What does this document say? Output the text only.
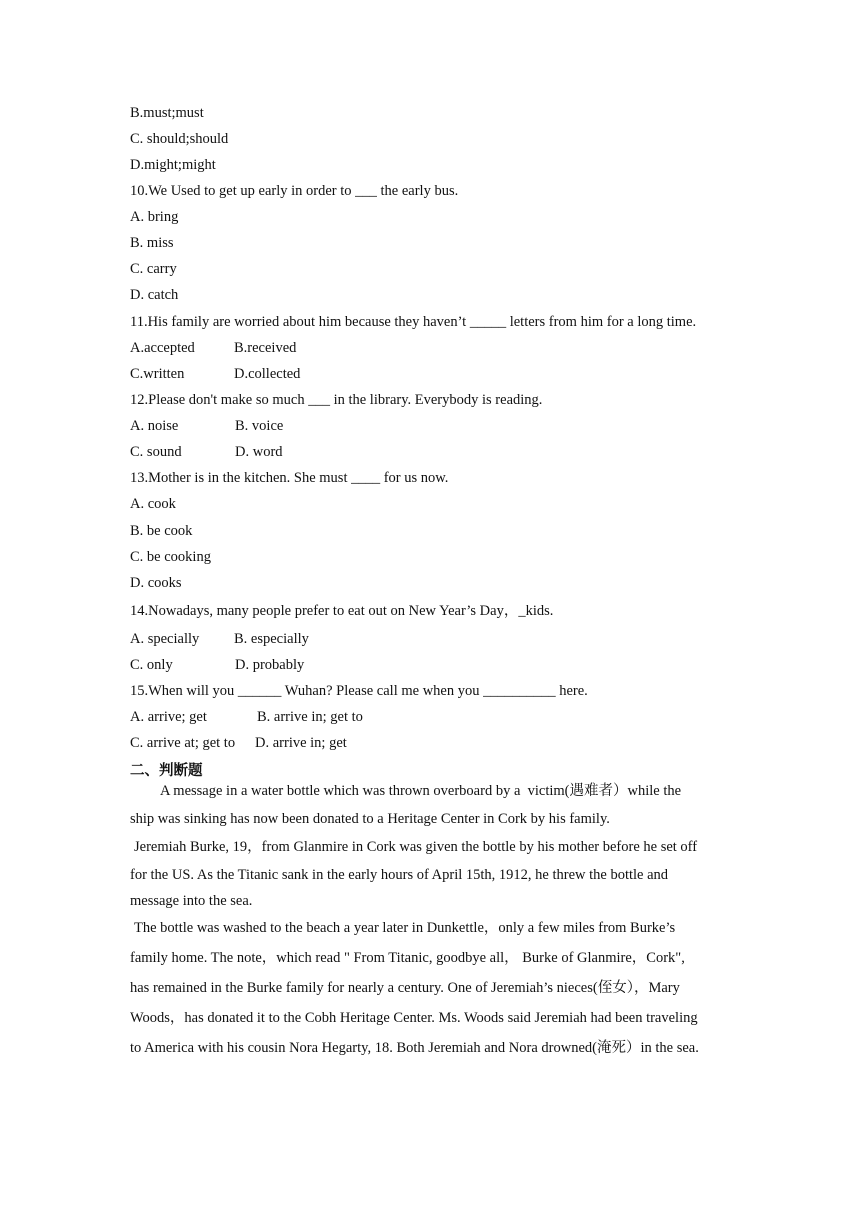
B.must;must
C. should;should
D.might;might
10.We Used to get up early in order to ___ the early bus.
A. bring
B. miss
C. carry
D. catch
11.His family are worried about him because they haven’t _____ letters from him for a long time.
A.accepted	B.received
C.written	D.collected
12.Please don't make so much ___ in the library. Everybody is reading.
A. noise	B. voice
C. sound	D. word
13.Mother is in the kitchen. She must ____ for us now.
A. cook
B. be cook
C. be cooking
D. cooks
14.Nowadays, many people prefer to eat out on New Year’s Day，_kids.
A. specially B. especially
C. only	D. probably
15.When will you ______ Wuhan? Please call me when you __________ here.
A. arrive; get	B. arrive in; get to
C. arrive at; get to D. arrive in; get
二、判断题
A message in a water bottle which was thrown overboard by a  victim(遇难者）while the
ship was sinking has now been donated to a Heritage Center in Cork by his family.
Jeremiah Burke, 19，from Glanmire in Cork was given the bottle by his mother before he set off
for the US. As the Titanic sank in the early hours of April 15th, 1912, he threw the bottle and
message into the sea.
The bottle was washed to the beach a year later in Dunkettle，only a few miles from Burke’s
family home. The note，which read " From Titanic, goodbye all， Burke of Glanmire，Cork",
has remained in the Burke family for nearly a century. One of Jeremiah’s nieces(侄女），Mary
Woods，has donated it to the Cobh Heritage Center. Ms. Woods said Jeremiah had been traveling
to America with his cousin Nora Hegarty, 18. Both Jeremiah and Nora drowned(淹死）in the sea.
